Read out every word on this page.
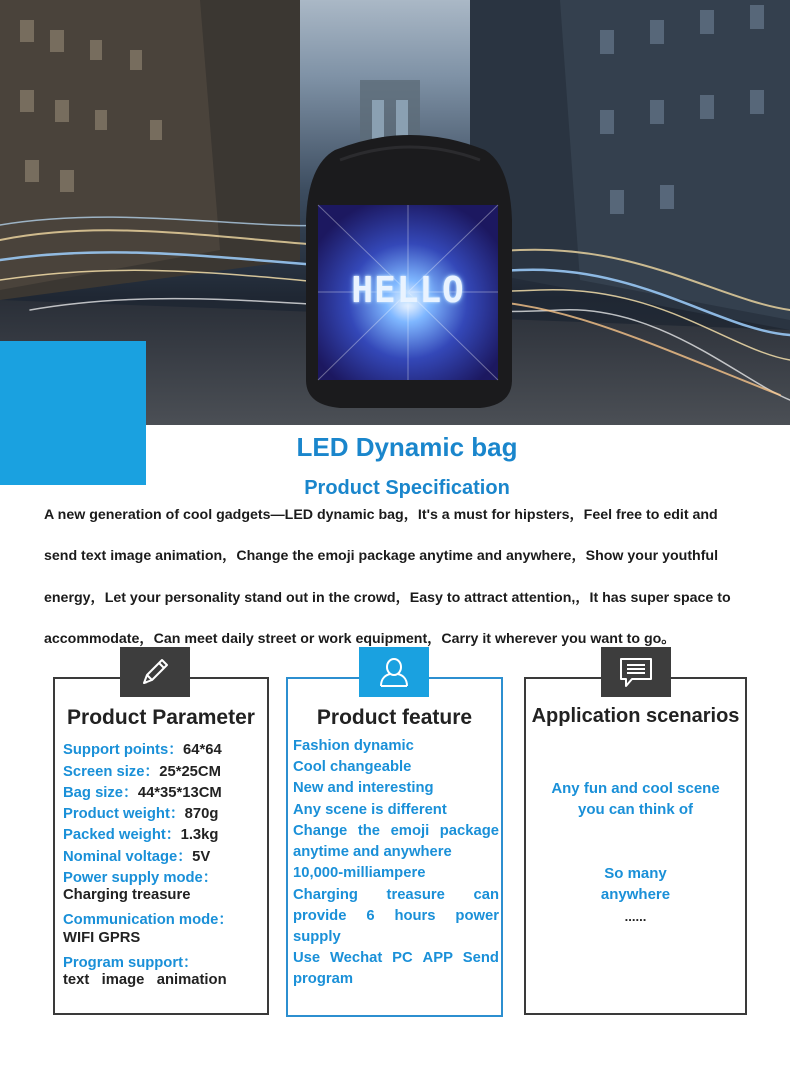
HELLO
LED Dynamic bag
Product Specification
A new generation of cool gadgets—LED dynamic bag，It's a must for hipsters，Feel free to edit and
send text image animation，Change the emoji package anytime and anywhere，Show your youthful
energy，Let your personality stand out in the crowd，Easy to attract attention,，It has super space to
accommodate，Can meet daily street or work equipment，Carry it wherever you want to go。
Product Parameter
Support points：64*64
Screen size：25*25CM
Bag size：44*35*13CM
Product weight：870g
Packed weight：1.3kg
Nominal voltage：5V
Power supply mode：
Charging treasure
Communication mode：
WIFI GPRS
Program support：
text   image   animation
Product feature
Fashion dynamic
Cool changeable
New and interesting
Any scene is different
Change the emoji package
anytime and anywhere
10,000-milliampere
Charging treasure can
provide 6 hours power
supply
Use Wechat PC APP Send
program
Application scenarios
Any fun and cool scene
you can think of
So many
anywhere
......
